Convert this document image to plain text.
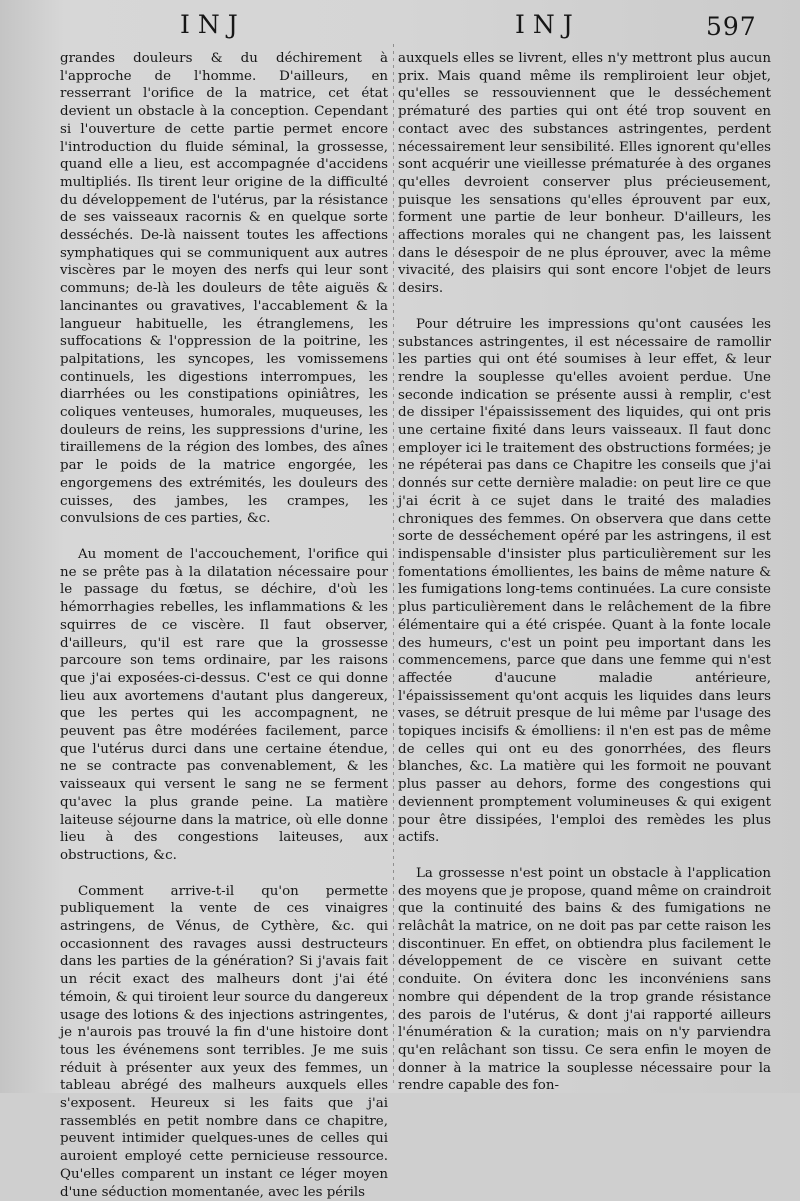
INJ	INJ	597

grandes douleurs & du déchirement à l'approche de l'homme. D'ailleurs, en resserrant l'orifice de la matrice, cet état devient un obstacle à la conception. Cependant si l'ouverture de cette partie permet encore l'introduction du fluide séminal, la grossesse, quand elle a lieu, est accompagnée d'accidens multipliés. Ils tirent leur origine de la difficulté du développement de l'utérus, par la résistance de ses vaisseaux racornis & en quelque sorte desséchés. De-là naissent toutes les affections symphatiques qui se communiquent aux autres viscères par le moyen des nerfs qui leur sont communs; de-là les douleurs de tête aiguës & lancinantes ou gravatives, l'accablement & la langueur habituelle, les étranglemens, les suffocations & l'oppression de la poitrine, les palpitations, les syncopes, les vomissemens continuels, les digestions interrompues, les diarrhées ou les constipations opiniâtres, les coliques venteuses, humorales, muqueuses, les douleurs de reins, les suppressions d'urine, les tiraillemens de la région des lombes, des aînes par le poids de la matrice engorgée, les engorgemens des extrémités, les douleurs des cuisses, des jambes, les crampes, les convulsions de ces parties, &c.

Au moment de l'accouchement, l'orifice qui ne se prête pas à la dilatation nécessaire pour le passage du fœtus, se déchire, d'où les hémorrhagies rebelles, les inflammations & les squirres de ce viscère. Il faut observer, d'ailleurs, qu'il est rare que la grossesse parcoure son tems ordinaire, par les raisons que j'ai exposées-ci-dessus. C'est ce qui donne lieu aux avortemens d'autant plus dangereux, que les pertes qui les accompagnent, ne peuvent pas être modérées facilement, parce que l'utérus durci dans une certaine étendue, ne se contracte pas convenablement, & les vaisseaux qui versent le sang ne se ferment qu'avec la plus grande peine. La matière laiteuse séjourne dans la matrice, où elle donne lieu à des congestions laiteuses, aux obstructions, &c.

Comment arrive-t-il qu'on permette publiquement la vente de ces vinaigres astringens, de Vénus, de Cythère, &c. qui occasionnent des ravages aussi destructeurs dans les parties de la génération? Si j'avais fait un récit exact des malheurs dont j'ai été témoin, & qui tiroient leur source du dangereux usage des lotions & des injections astringentes, je n'aurois pas trouvé la fin d'une histoire dont tous les événemens sont terribles. Je me suis réduit à présenter aux yeux des femmes, un tableau abrégé des malheurs auxquels elles s'exposent. Heureux si les faits que j'ai rassemblés en petit nombre dans ce chapitre, peuvent intimider quelques-unes de celles qui auroient employé cette pernicieuse ressource. Qu'elles comparent un instant ce léger moyen d'une séduction momentanée, avec les périls

auxquels elles se livrent, elles n'y mettront plus aucun prix. Mais quand même ils rempliroient leur objet, qu'elles se ressouviennent que le desséchement prématuré des parties qui ont été trop souvent en contact avec des substances astringentes, perdent nécessairement leur sensibilité. Elles ignorent qu'elles sont acquérir une vieillesse prématurée à des organes qu'elles devroient conserver plus précieusement, puisque les sensations qu'elles éprouvent par eux, forment une partie de leur bonheur. D'ailleurs, les affections morales qui ne changent pas, les laissent dans le désespoir de ne plus éprouver, avec la même vivacité, des plaisirs qui sont encore l'objet de leurs desirs.

Pour détruire les impressions qu'ont causées les substances astringentes, il est nécessaire de ramollir les parties qui ont été soumises à leur effet, & leur rendre la souplesse qu'elles avoient perdue. Une seconde indication se présente aussi à remplir, c'est de dissiper l'épaississement des liquides, qui ont pris une certaine fixité dans leurs vaisseaux. Il faut donc employer ici le traitement des obstructions formées; je ne répéterai pas dans ce Chapitre les conseils que j'ai donnés sur cette dernière maladie: on peut lire ce que j'ai écrit à ce sujet dans le traité des maladies chroniques des femmes. On observera que dans cette sorte de desséchement opéré par les astringens, il est indispensable d'insister plus particulièrement sur les fomentations émollientes, les bains de même nature & les fumigations long-tems continuées. La cure consiste plus particulièrement dans le relâchement de la fibre élémentaire qui a été crispée. Quant à la fonte locale des humeurs, c'est un point peu important dans les commencemens, parce que dans une femme qui n'est affectée d'aucune maladie antérieure, l'épaississement qu'ont acquis les liquides dans leurs vases, se détruit presque de lui même par l'usage des topiques incisifs & émolliens: il n'en est pas de même de celles qui ont eu des gonorrhées, des fleurs blanches, &c. La matière qui les formoit ne pouvant plus passer au dehors, forme des congestions qui deviennent promptement volumineuses & qui exigent pour être dissipées, l'emploi des remèdes les plus actifs.

La grossesse n'est point un obstacle à l'application des moyens que je propose, quand même on craindroit que la continuité des bains & des fumigations ne relâchât la matrice, on ne doit pas par cette raison les discontinuer. En effet, on obtiendra plus facilement le développement de ce viscère en suivant cette conduite. On évitera donc les inconvéniens sans nombre qui dépendent de la trop grande résistance des parois de l'utérus, & dont j'ai rapporté ailleurs l'énumération & la curation; mais on n'y parviendra qu'en relâchant son tissu. Ce sera enfin le moyen de donner à la matrice la souplesse nécessaire pour la rendre capable des fon-
